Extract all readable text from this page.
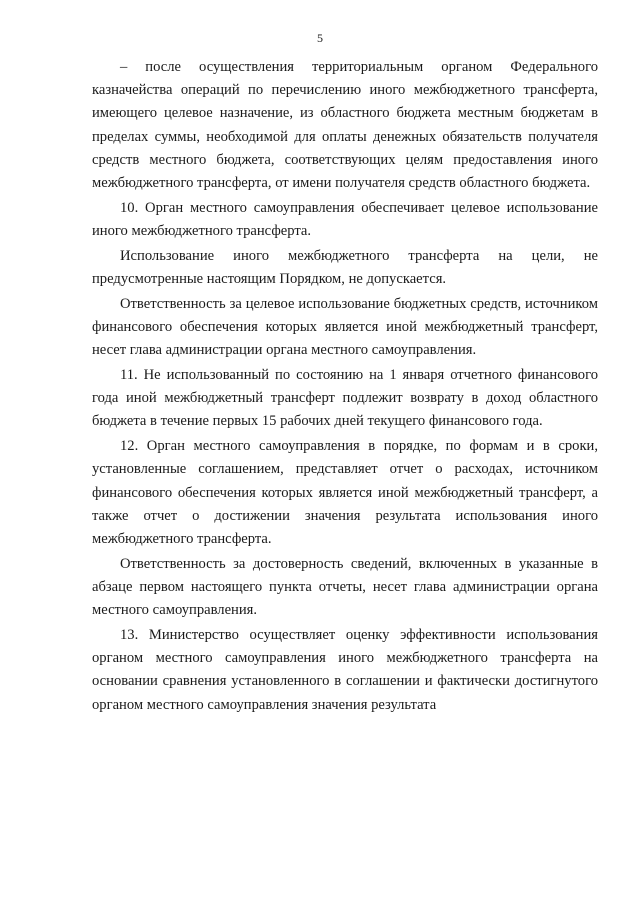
5

– после осуществления территориальным органом Федерального казначейства операций по перечислению иного межбюджетного трансферта, имеющего целевое назначение, из областного бюджета местным бюджетам в пределах суммы, необходимой для оплаты денежных обязательств получателя средств местного бюджета, соответствующих целям предоставления иного межбюджетного трансферта, от имени получателя средств областного бюджета.

10. Орган местного самоуправления обеспечивает целевое использование иного межбюджетного трансферта.

Использование иного межбюджетного трансферта на цели, не предусмотренные настоящим Порядком, не допускается.

Ответственность за целевое использование бюджетных средств, источником финансового обеспечения которых является иной межбюджетный трансферт, несет глава администрации органа местного самоуправления.

11. Не использованный по состоянию на 1 января отчетного финансового года иной межбюджетный трансферт подлежит возврату в доход областного бюджета в течение первых 15 рабочих дней текущего финансового года.

12. Орган местного самоуправления в порядке, по формам и в сроки, установленные соглашением, представляет отчет о расходах, источником финансового обеспечения которых является иной межбюджетный трансферт, а также отчет о достижении значения результата использования иного межбюджетного трансферта.

Ответственность за достоверность сведений, включенных в указанные в абзаце первом настоящего пункта отчеты, несет глава администрации органа местного самоуправления.

13. Министерство осуществляет оценку эффективности использования органом местного самоуправления иного межбюджетного трансферта на основании сравнения установленного в соглашении и фактически достигнутого органом местного самоуправления значения результата
